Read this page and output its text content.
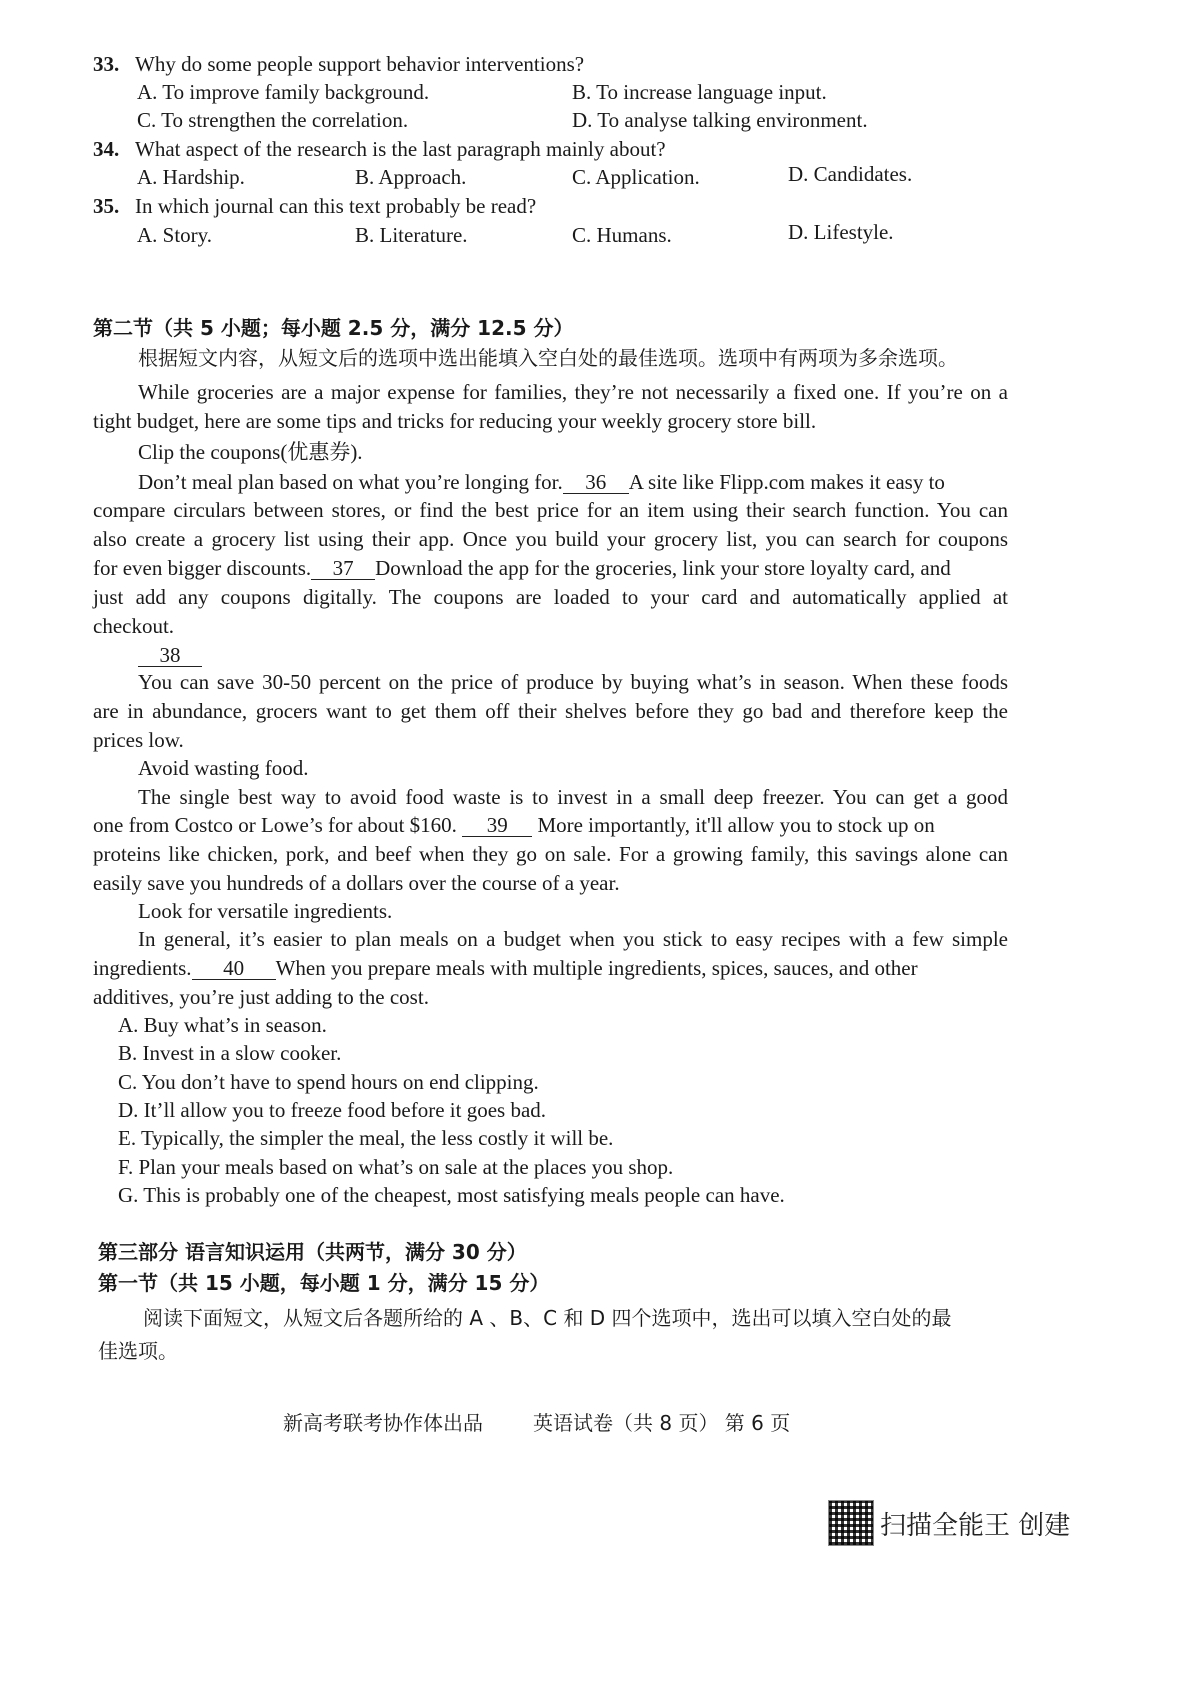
33. Why do some people support behavior interventions?
A. To improve family background.	B. To increase language input.
C. To strengthen the correlation.	D. To analyse talking environment.
34. What aspect of the research is the last paragraph mainly about?
A. Hardship.	B. Approach.	C. Application.	D. Candidates.
35. In which journal can this text probably be read?
A. Story.	B. Literature.	C. Humans.	D. Lifestyle.
第二节（共 5 小题；每小题 2.5 分，满分 12.5 分）
根据短文内容，从短文后的选项中选出能填入空白处的最佳选项。选项中有两项为多余选项。
While groceries are a major expense for families, they’re not necessarily a fixed one. If you’re on a
tight budget, here are some tips and tricks for reducing your weekly grocery store bill.
Clip the coupons(优惠券).
Don’t meal plan based on what you’re longing for. 36 A site like Flipp.com makes it easy to
compare circulars between stores, or find the best price for an item using their search function. You can
also create a grocery list using their app. Once you build your grocery list, you can search for coupons
for even bigger discounts. 37 Download the app for the groceries, link your store loyalty card, and
just add any coupons digitally. The coupons are loaded to your card and automatically applied at
checkout.
38
You can save 30-50 percent on the price of produce by buying what’s in season. When these foods
are in abundance, grocers want to get them off their shelves before they go bad and therefore keep the
prices low.
Avoid wasting food.
The single best way to avoid food waste is to invest in a small deep freezer. You can get a good
one from Costco or Lowe’s for about $160. 39 More importantly, it'll allow you to stock up on
proteins like chicken, pork, and beef when they go on sale. For a growing family, this savings alone can
easily save you hundreds of a dollars over the course of a year.
Look for versatile ingredients.
In general, it’s easier to plan meals on a budget when you stick to easy recipes with a few simple
ingredients. 40 When you prepare meals with multiple ingredients, spices, sauces, and other
additives, you’re just adding to the cost.
A. Buy what’s in season.
B. Invest in a slow cooker.
C. You don’t have to spend hours on end clipping.
D. It’ll allow you to freeze food before it goes bad.
E. Typically, the simpler the meal, the less costly it will be.
F. Plan your meals based on what’s on sale at the places you shop.
G. This is probably one of the cheapest, most satisfying meals people can have.
第三部分 语言知识运用（共两节，满分 30 分）
第一节（共 15 小题，每小题 1 分，满分 15 分）
阅读下面短文，从短文后各题所给的 A 、B、C 和 D 四个选项中，选出可以填入空白处的最
佳选项。
新高考联考协作体出品	英语试卷（共 8 页） 第 6 页
扫描全能王 创建
